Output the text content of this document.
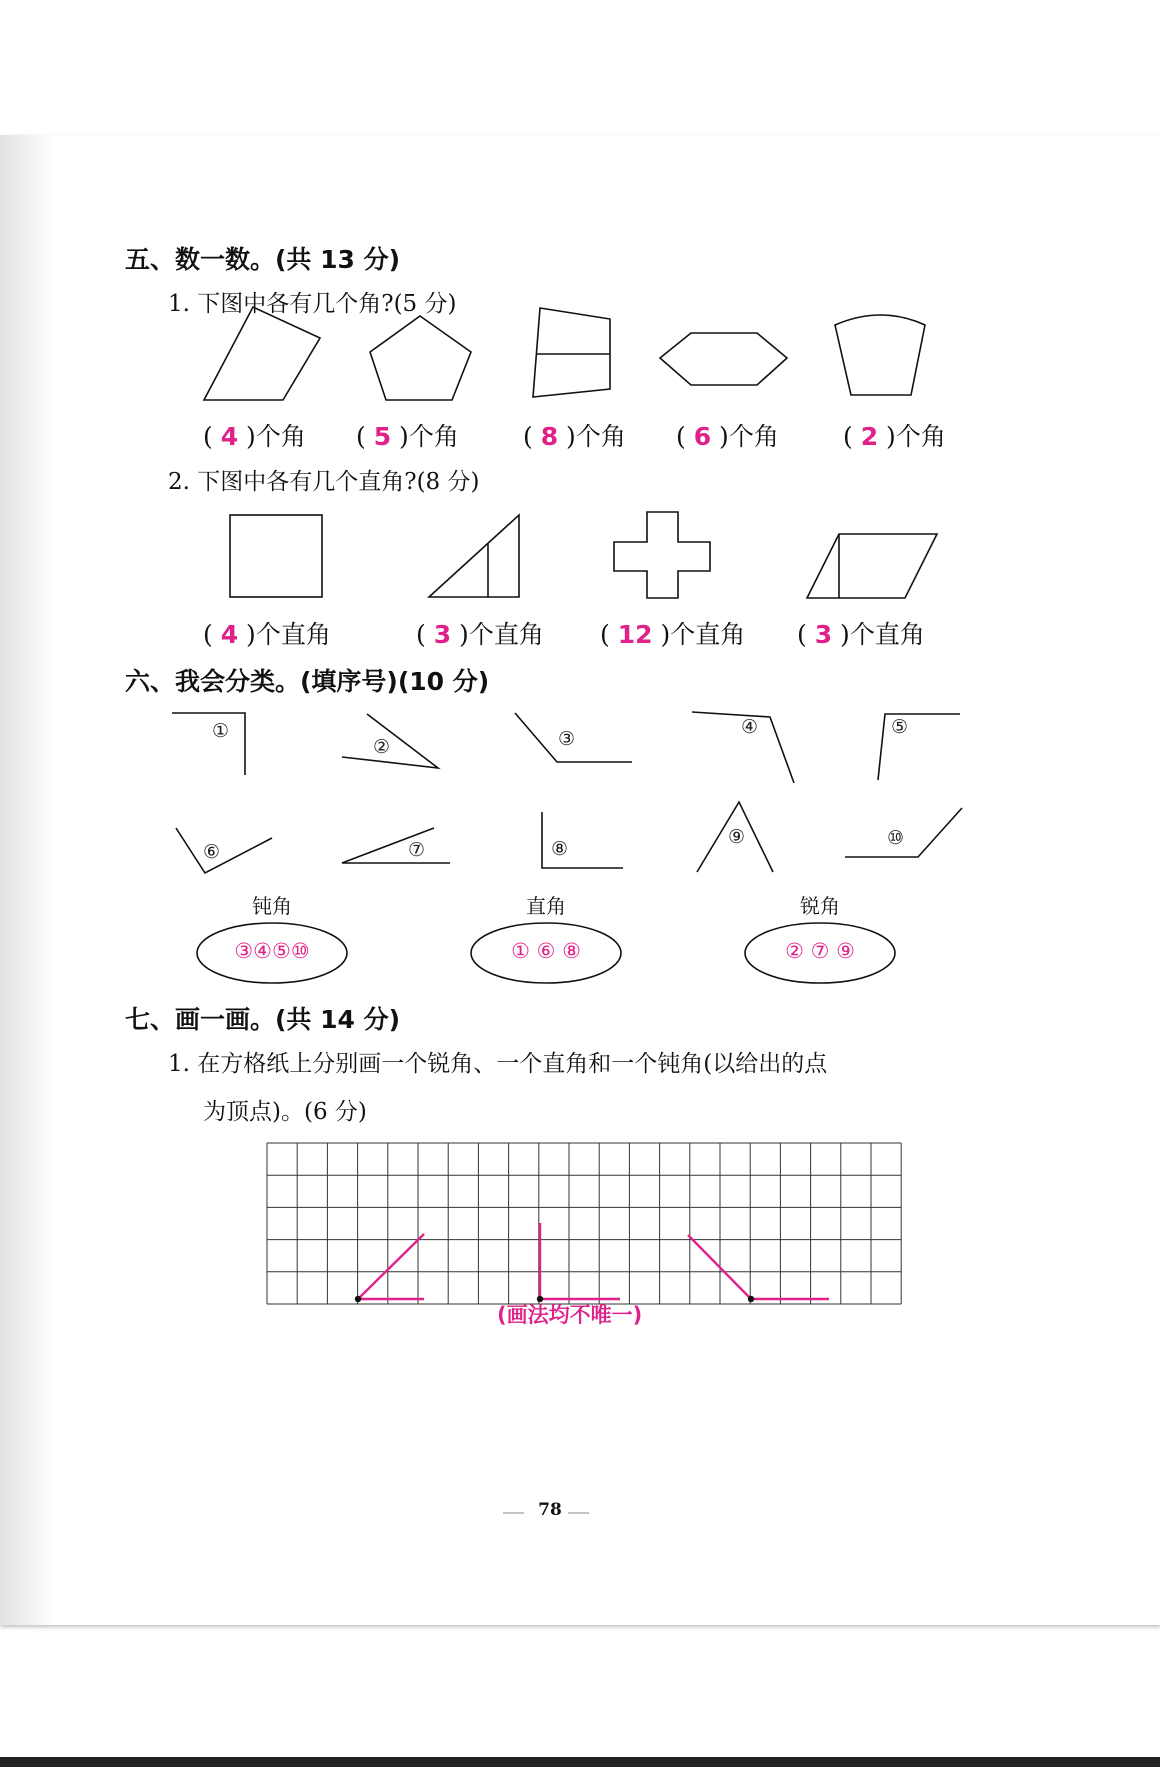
五、数一数。(共 13 分)
1. 下图中各有几个角?(5 分)
①
②	③
④	⑤
⑥	⑦	⑧
⑨	⑩
( 4 )个角 ( 5 )个角	( 8 )个角 ( 6 )个角	( 2 )个角
2. 下图中各有几个直角?(8 分)
( 4 )个直角	( 3 )个直角 ( 12 )个直角 ( 3 )个直角
六、我会分类。(填序号)(10 分)
钝角	直角	锐角
③④⑤⑩	① ⑥ ⑧	② ⑦ ⑨
七、画一画。(共 14 分)
1. 在方格纸上分别画一个锐角、一个直角和一个钝角(以给出的点
为顶点)。(6 分)
(画法均不唯一)
78
